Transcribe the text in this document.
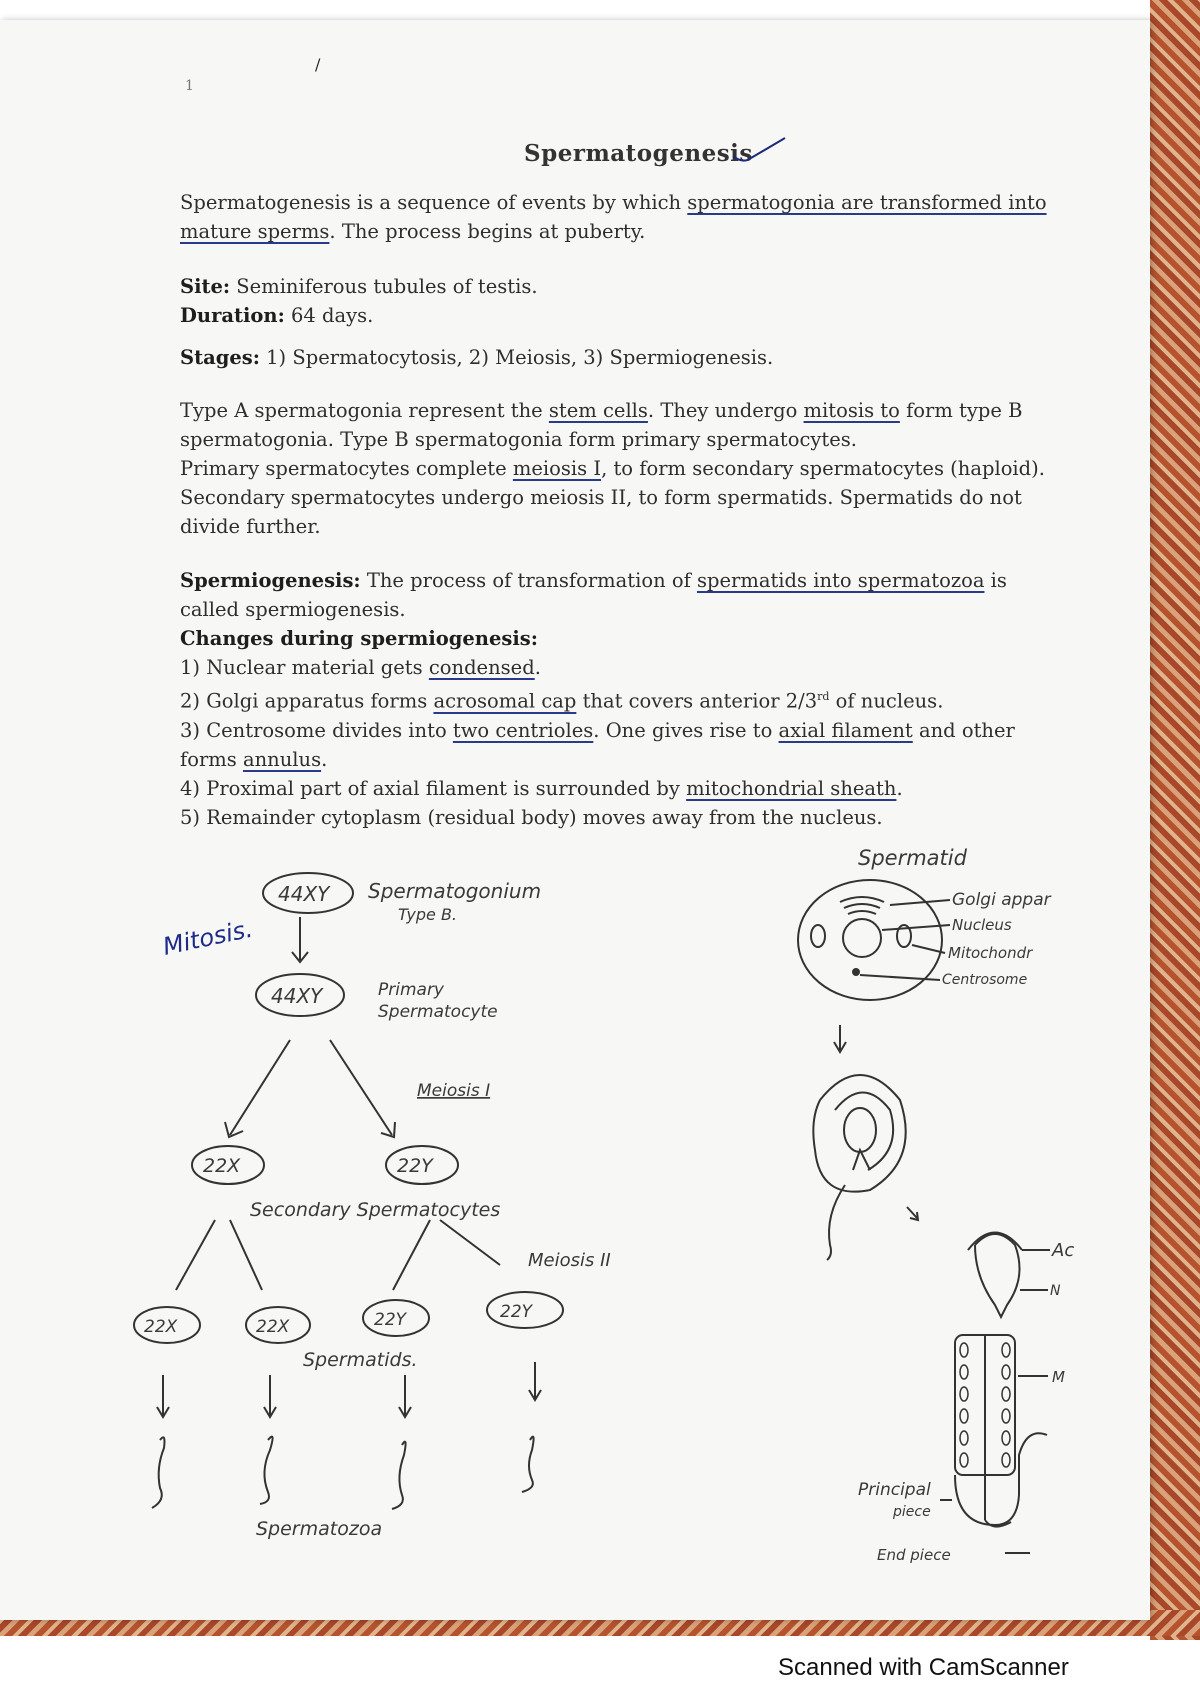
1
/
Spermatogenesis

Spermatogenesis is a sequence of events by which spermatogonia are transformed into mature sperms. The process begins at puberty.

Site: Seminiferous tubules of testis.

Duration: 64 days.

Stages: 1) Spermatocytosis, 2) Meiosis, 3) Spermiogenesis.

Type A spermatogonia represent the stem cells. They undergo mitosis to form type B spermatogonia. Type B spermatogonia form primary spermatocytes.

Primary spermatocytes complete meiosis I, to form secondary spermatocytes (haploid).

Secondary spermatocytes undergo meiosis II, to form spermatids. Spermatids do not divide further.

Spermiogenesis: The process of transformation of spermatids into spermatozoa is called spermiogenesis.

Changes during spermiogenesis:

1) Nuclear material gets condensed.

2) Golgi apparatus forms acrosomal cap that covers anterior 2/3rd of nucleus.

3) Centrosome divides into two centrioles. One gives rise to axial filament and other forms annulus.

4) Proximal part of axial filament is surrounded by mitochondrial sheath.

5) Remainder cytoplasm (residual body) moves away from the nucleus.

Mitosis.
44XY Spermatogonium
Type B.
44XY	Primary
Spermatocyte
Meiosis I
22X	22Y
Secondary Spermatocytes
Meiosis II
22X	22X	22Y	22Y
Spermatids.
Spermatozoa
Spermatid
Golgi appar
Nucleus
Mitochondr
Centrosome
Ac
N
M
Principal
piece
End piece
Scanned with CamScanner
